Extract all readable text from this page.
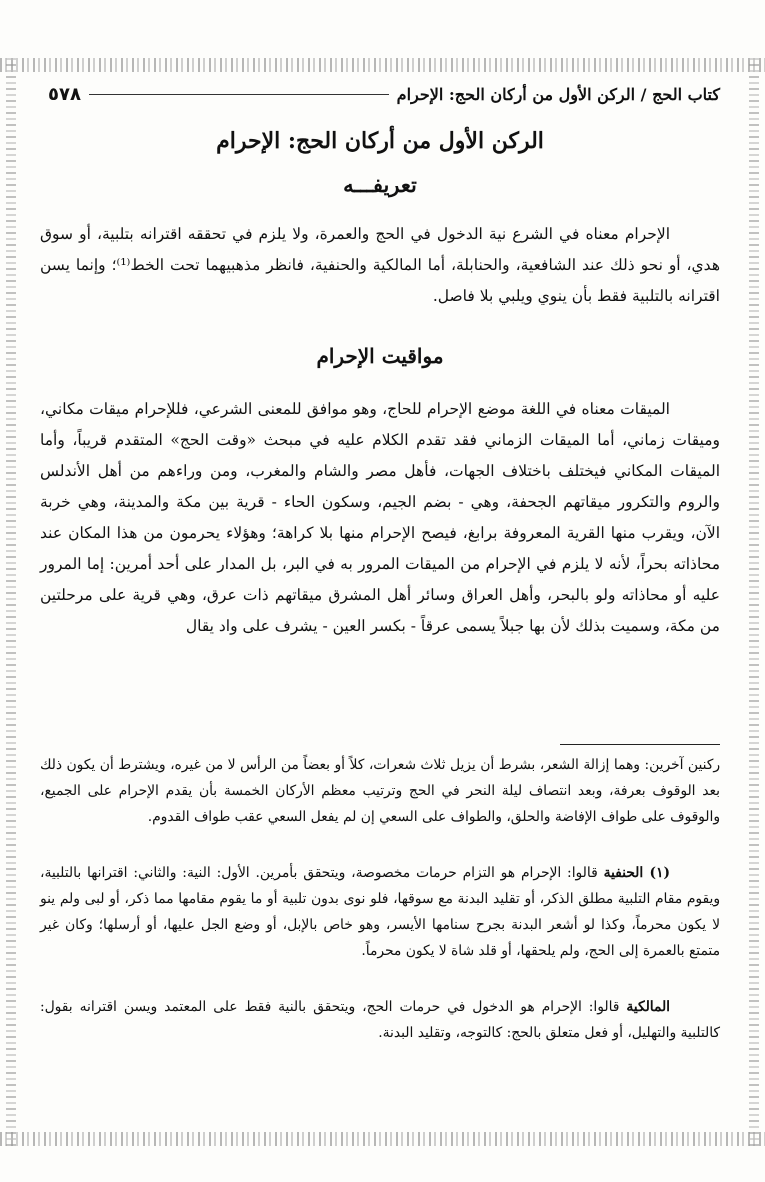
كتاب الحج / الركن الأول من أركان الحج: الإحرام
٥٧٨
الركن الأول من أركان الحج: الإحرام
تعريفـــه
الإحرام معناه في الشرع نية الدخول في الحج والعمرة، ولا يلزم في تحققه اقترانه بتلبية، أو سوق هدي، أو نحو ذلك عند الشافعية، والحنابلة، أما المالكية والحنفية، فانظر مذهبيهما تحت الخط⁽¹⁾؛ وإنما يسن اقترانه بالتلبية فقط بأن ينوي ويلبي بلا فاصل.
مواقيت الإحرام
الميقات معناه في اللغة موضع الإحرام للحاج، وهو موافق للمعنى الشرعي، فللإحرام ميقات مكاني، وميقات زماني، أما الميقات الزماني فقد تقدم الكلام عليه في مبحث «وقت الحج» المتقدم قريباً، وأما الميقات المكاني فيختلف باختلاف الجهات، فأهل مصر والشام والمغرب، ومن وراءهم من أهل الأندلس والروم والتكرور ميقاتهم الجحفة، وهي - بضم الجيم، وسكون الحاء - قرية بين مكة والمدينة، وهي خربة الآن، ويقرب منها القرية المعروفة برابغ، فيصح الإحرام منها بلا كراهة؛ وهؤلاء يحرمون من هذا المكان عند محاذاته بحراً، لأنه لا يلزم في الإحرام من الميقات المرور به في البر، بل المدار على أحد أمرين: إما المرور عليه أو محاذاته ولو بالبحر، وأهل العراق وسائر أهل المشرق ميقاتهم ذات عرق، وهي قرية على مرحلتين من مكة، وسميت بذلك لأن بها جبلاً يسمى عرقاً - بكسر العين - يشرف على واد يقال
ركنين آخرين: وهما إزالة الشعر، بشرط أن يزيل ثلاث شعرات، كلاً أو بعضاً من الرأس لا من غيره، ويشترط أن يكون ذلك بعد الوقوف بعرفة، وبعد انتصاف ليلة النحر في الحج وترتيب معظم الأركان الخمسة بأن يقدم الإحرام على الجميع، والوقوف على طواف الإفاضة والحلق، والطواف على السعي إن لم يفعل السعي عقب طواف القدوم.
(١) الحنفية قالوا: الإحرام هو التزام حرمات مخصوصة، ويتحقق بأمرين. الأول: النية: والثاني: اقترانها بالتلبية، ويقوم مقام التلبية مطلق الذكر، أو تقليد البدنة مع سوقها، فلو نوى بدون تلبية أو ما يقوم مقامها مما ذكر، أو لبى ولم ينو لا يكون محرماً، وكذا لو أشعر البدنة بجرح سنامها الأيسر، وهو خاص بالإبل، أو وضع الجل عليها، أو أرسلها؛ وكان غير متمتع بالعمرة إلى الحج، ولم يلحقها، أو قلد شاة لا يكون محرماً.
المالكية قالوا: الإحرام هو الدخول في حرمات الحج، ويتحقق بالنية فقط على المعتمد ويسن اقترانه بقول: كالتلبية والتهليل، أو فعل متعلق بالحج: كالتوجه، وتقليد البدنة.
